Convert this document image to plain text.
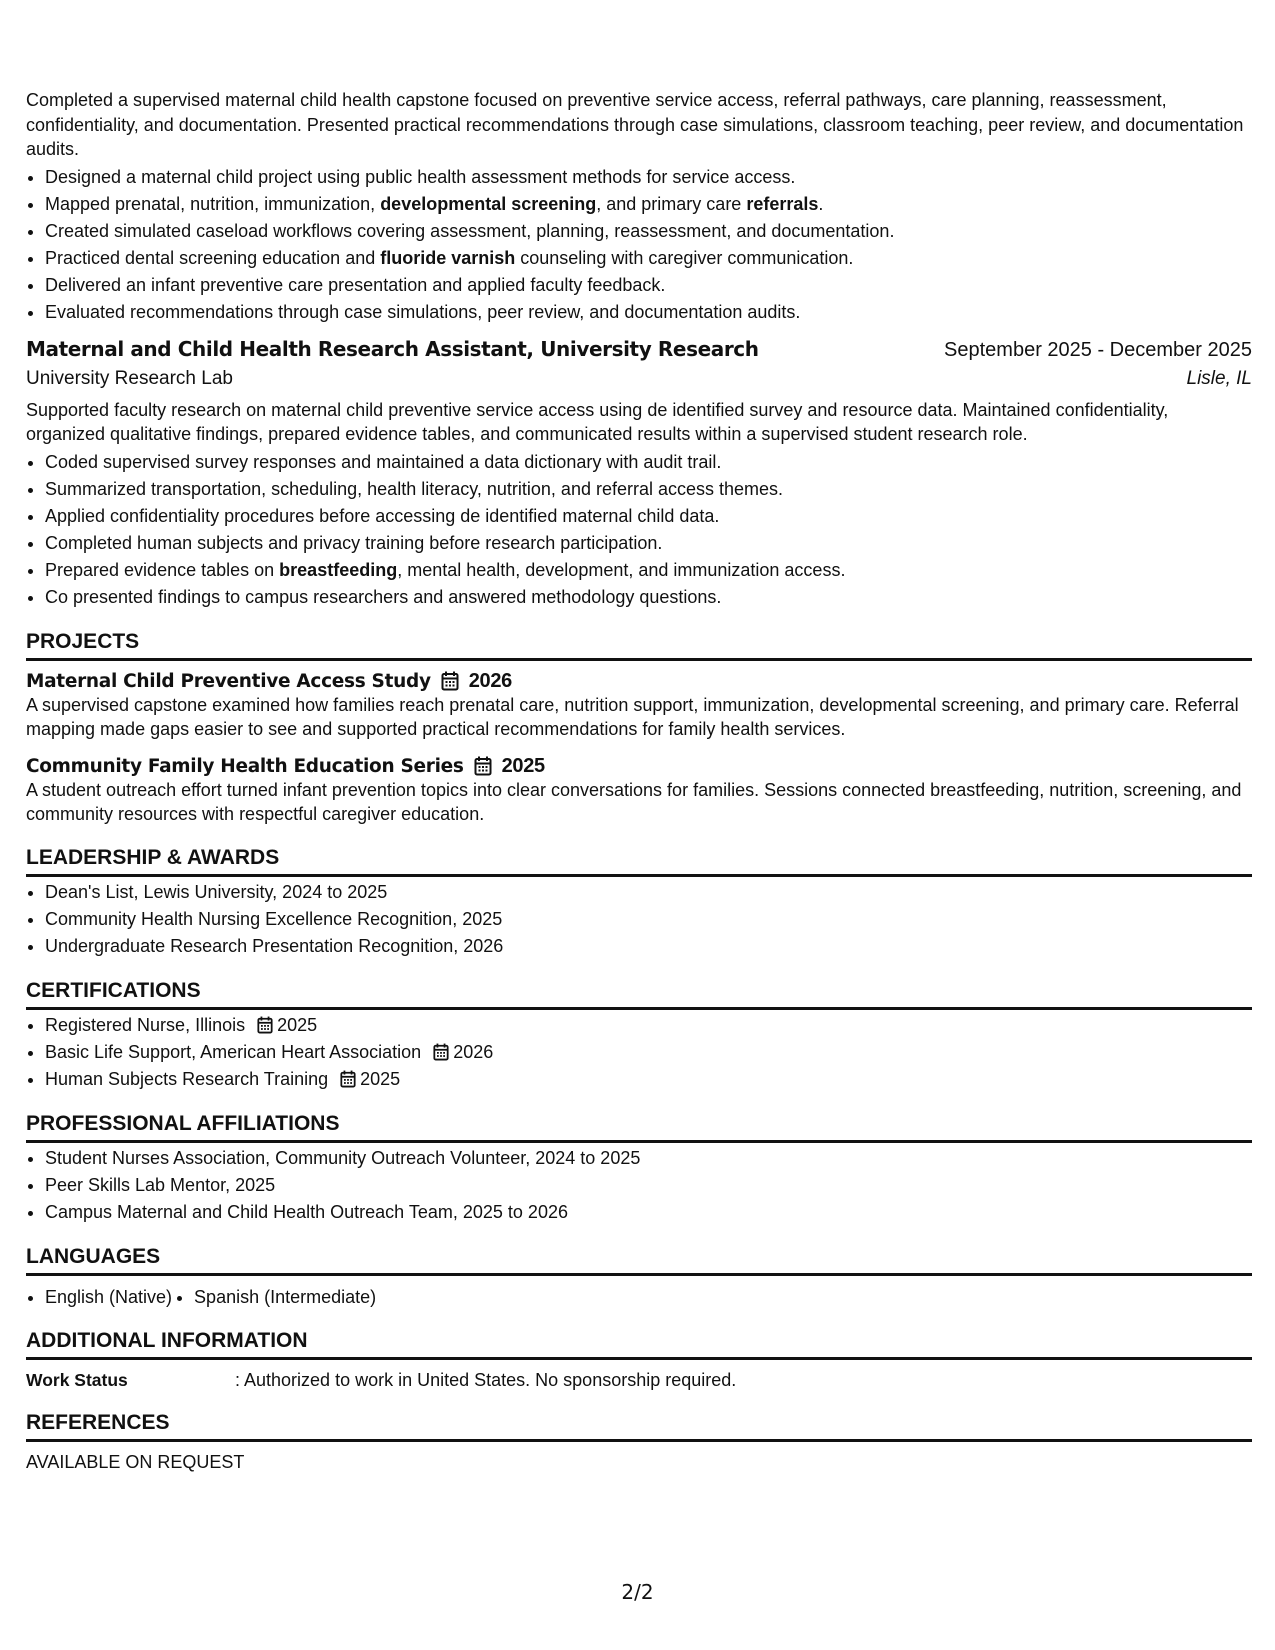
Completed a supervised maternal child health capstone focused on preventive service access, referral pathways, care planning, reassessment, confidentiality, and documentation. Presented practical recommendations through case simulations, classroom teaching, peer review, and documentation audits.

• Designed a maternal child project using public health assessment methods for service access.
• Mapped prenatal, nutrition, immunization, developmental screening, and primary care referrals.
• Created simulated caseload workflows covering assessment, planning, reassessment, and documentation.
• Practiced dental screening education and fluoride varnish counseling with caregiver communication.
• Delivered an infant preventive care presentation and applied faculty feedback.
• Evaluated recommendations through case simulations, peer review, and documentation audits.
Maternal and Child Health Research Assistant, University Research	September 2025 - December 2025
University Research Lab	Lisle, IL

Supported faculty research on maternal child preventive service access using de identified survey and resource data. Maintained confidentiality, organized qualitative findings, prepared evidence tables, and communicated results within a supervised student research role.

• Coded supervised survey responses and maintained a data dictionary with audit trail.
• Summarized transportation, scheduling, health literacy, nutrition, and referral access themes.
• Applied confidentiality procedures before accessing de identified maternal child data.
• Completed human subjects and privacy training before research participation.
• Prepared evidence tables on breastfeeding, mental health, development, and immunization access.
• Co presented findings to campus researchers and answered methodology questions.
PROJECTS
Maternal Child Preventive Access Study 2026

A supervised capstone examined how families reach prenatal care, nutrition support, immunization, developmental screening, and primary care. Referral mapping made gaps easier to see and supported practical recommendations for family health services.

Community Family Health Education Series 2025

A student outreach effort turned infant prevention topics into clear conversations for families. Sessions connected breastfeeding, nutrition, screening, and community resources with respectful caregiver education.

LEADERSHIP & AWARDS
• Dean's List, Lewis University, 2024 to 2025
• Community Health Nursing Excellence Recognition, 2025
• Undergraduate Research Presentation Recognition, 2026
CERTIFICATIONS
• Registered Nurse, Illinois 2025
• Basic Life Support, American Heart Association 2026
• Human Subjects Research Training 2025
PROFESSIONAL AFFILIATIONS
• Student Nurses Association, Community Outreach Volunteer, 2024 to 2025
• Peer Skills Lab Mentor, 2025
• Campus Maternal and Child Health Outreach Team, 2025 to 2026
LANGUAGES
• English (Native)
• Spanish (Intermediate)
ADDITIONAL INFORMATION
Work Status	: Authorized to work in United States. No sponsorship required.
REFERENCES
AVAILABLE ON REQUEST
2/2
